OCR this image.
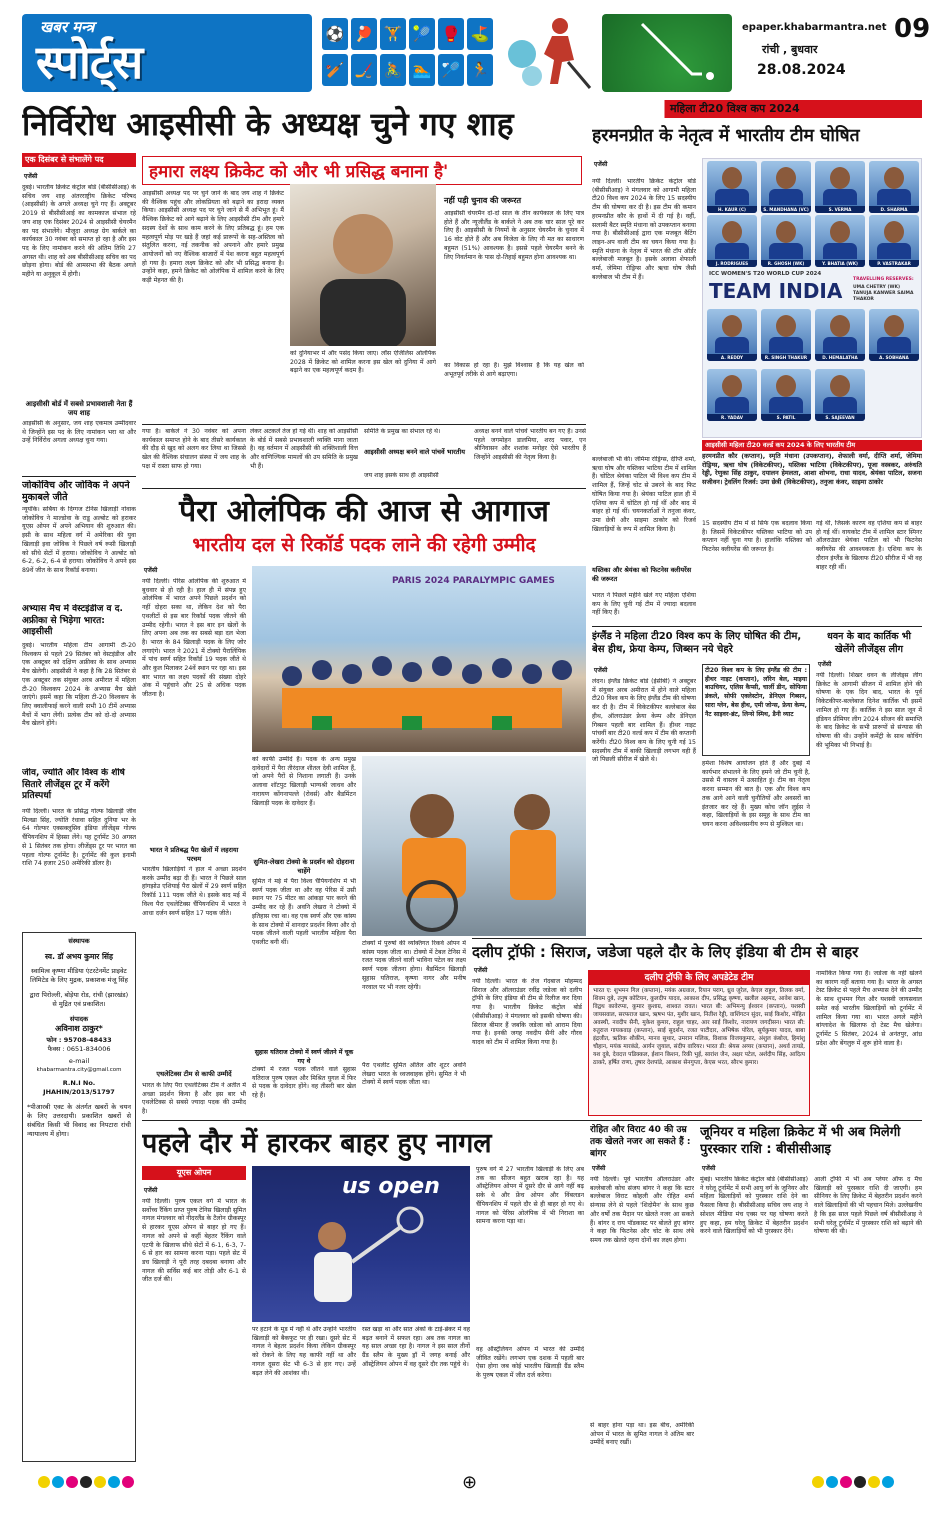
खबर मन्त्र
स्पोर्ट्स
⚽ 🏓 🏋 🎾 🥊 ⛳
🏏 🏒 🚴 🏊 🏸 🏃
epaper.khabarmantra.net
रांची , बुधवार
28.08.2024
09
निर्विरोध आइसीसी के अध्यक्ष चुने गए शाह
एक दिसंबर से संभालेंगे पद
एजेंसी
दुबई। भारतीय क्रिकेट कंट्रोल बोर्ड (बीसीसीआइ) के सचिव जय शाह अंतरराष्ट्रीय क्रिकेट परिषद (आइसीसी) के अगले अध्यक्ष चुने गए हैं। अक्टूबर 2019 से बीसीसीआई का कामकाज संभाल रहे जय शाह एक दिसंबर 2024 से आइसीसी चेयरमैन का पद संभालेंगे। मौजूदा अध्यक्ष ग्रेग बार्कले का कार्यकाल 30 नवंबर को समाप्त हो रहा है और इस पद के लिए नामांकन करने की अंतिम तिथि 27 अगस्त थी। शाह को अब बीसीसीआइ सचिव का पद छोड़ना होगा। बोर्ड की आमसभा की बैठक अगले महीने या अनुकूल में होगी।
आइसीसी बोर्ड में सबसे प्रभावशाली नेता हैं जय शाह
आइसीसी के अनुसार, जय शाह एकमात्र उम्मीदवार थे जिन्होंने इस पद के लिए नामांकन भरा था और उन्हें निर्विरोध अगला अध्यक्ष चुना गया।
हमारा लक्ष्य क्रिकेट को और भी प्रसिद्ध बनाना है'
आइसीसी अध्यक्ष पद पर चुने जाने के बाद जय शाह ने क्रिकेट की वैश्विक पहुंच और लोकप्रियता को बढ़ाने का इरादा व्यक्त किया। आइसीसी अध्यक्ष पद पर चुने जाने से मैं अभिभूत हूं। मैं वैश्विक क्रिकेट को आगे बढ़ाने के लिए आइसीसी टीम और हमारे सदस्य देशों के साथ काम करने के लिए प्रतिबद्ध हूं। हम एक महत्वपूर्ण मोड़ पर खड़े हैं जहां कई प्रारूपों के सह-अस्तित्व को संतुलित करना, नई तकनीक को अपनाने और हमारे प्रमुख आयोजनों को नए वैश्विक बाजारों में पेश करना बहुत महत्वपूर्ण हो गया है। हमारा लक्ष्य क्रिकेट को और भी प्रसिद्ध बनाना है। उन्होंने कहा, हमने क्रिकेट को ओलंपिक में शामिल करने के लिए कड़ी मेहनत की है।
को दुनियाभर में और पसंद किया जाए। लॉस एंजिलिस ओलंपिक 2028 में क्रिकेट को शामिल करना इस खेल को दुनिया में आगे बढ़ाने का एक महत्वपूर्ण कदम है।
नहीं पड़ी चुनाव की जरूरत
आइसीसी चेयरमैन दो-दो साल के तीन कार्यकाल के लिए पात्र होते हैं और न्यूजीलैंड के बार्कले ने अब तक चार साल पूरे कर लिए हैं। आइसीसी के नियमों के अनुसार चेयरमैन के चुनाव में 16 वोट होते हैं और अब विजेता के लिए नौ मत का साधारण बहुमत (51%) आवश्यक है। इससे पहले चेयरमैन बनने के लिए निवर्तमान के पास दो-तिहाई बहुमत होना आवश्यक था।
का विकास हो रहा है। मुझे विश्वास है कि यह खेल को अभूतपूर्व तरीके से आगे बढ़ाएगा।
गया है। बार्कले ने 30 नवंबर को अपना कार्यकाल समाप्त होने के बाद तीसरे कार्यकाल की दौड़ से खुद को अलग कर लिया था जिससे खेल की वैश्विक संचालन संस्था में जय शाह के पक्ष में रास्ता साफ हो गया।
लेकर अटकलें तेज हो गई थीं। शाह को आइसीसी के बोर्ड में सबसे प्रभावशाली व्यक्ति माना जाता है। वह वर्तमान में आइसीसी की शक्तिशाली वित्त और वाणिज्यिक मामलों की उप समिति के प्रमुख भी हैं।
समिति के प्रमुख का संभाल रहे थे।
आइसीसी अध्यक्ष बनने वाले पांचवें भारतीय
जय शाह इसके साथ ही आइसीसी
अध्यक्ष बनने वाले पांचवें भारतीय बन गए हैं। उनसे पहले जगमोहन डालमिया, शरद पवार, एन श्रीनिवासन और शशांक मनोहर ऐसे भारतीय हैं जिन्होंने आइसीसी की नेतृत्व किया है।
महिला टी20 विश्व कप 2024
हरमनप्रीत के नेतृत्व में भारतीय टीम घोषित
एजेंसी
नयी दिल्ली। भारतीय क्रिकेट कंट्रोल बोर्ड (बीसीसीआइ) ने मंगलवार को आगामी महिला टी20 विश्व कप 2024 के लिए 15 सदस्यीय टीम की घोषणा कर दी है। इस टीम की कमान हरमनप्रीत कौर के हाथों में दी गई है। वहीं, सलामी बैटर स्मृति मंधाना को उपकप्तान बनाया गया है। बीसीसीआई द्वारा एक मजबूत बैटिंग लाइन-अप वाली टीम का चयन किया गया है। स्मृति मंधाना के नेतृत्व में भारत की टॉप ऑर्डर बल्लेबाजी मजबूत है। इसके अलावा शेफाली वर्मा, जेमिमा रोड्रिग्स और ऋचा घोष जैसी बल्लेबाज भी टीम में हैं।
बल्लेबाजी भी की। जेमिमा रोड्रिग्स, दीप्ति शर्मा, ऋचा घोष और यस्तिका भाटिया टीम में शामिल हैं। चोटिल श्रेयंका पाटिल भी विश्व कप टीम में शामिल हैं, जिन्हें चोट से उबरने के बाद फिट घोषित किया गया है। श्रेयंका पाटिल हाल ही में एशिया कप में चोटिल हो गई थीं और बाद में बाहर हो गई थीं। चयनकर्ताओं ने तनुजा कंवर, उमा छेत्री और साइमा ठाकोर को रिजर्व खिलाड़ियों के रूप में शामिल किया है।
यस्तिका और श्रेयंका को फिटनेस क्लीयरेंस की जरूरत
भारत ने पिछले महीने खेले गए महिला एशिया कप के लिए चुनी गई टीम में ज्यादा बदलाव नहीं किए हैं।
ICC WOMEN'S T20 WORLD CUP 2024
TEAM INDIA TRAVELLING RESERVES:
UMA CHETRY (WK) TANUJA KANWER SAIMA THAKOR
H. KAUR (C)	S. MANDHANA (VC)	S. VERMA	D. SHARMA
J. RODRIGUES	R. GHOSH (WK)	Y. BHATIA (WK)	P. VASTRAKAR
A. REDDY	R. SINGH THAKUR	D. HEMALATHA	A. SOBHANA
R. YADAV	S. PATIL	S. SAJEEVAN
आइसीसी महिला टी20 वर्ल्ड कप 2024 के लिए भारतीय टीम
हरमनप्रीत कौर (कप्तान), स्मृति मंधाना (उपकप्तान), शेफाली वर्मा, दीप्ति शर्मा, जेमिमा रोड्रिग्स, ऋचा घोष (विकेटकीपर), यस्तिका भाटिया (विकेटकीपर), पूजा वस्त्रकर, अरुंधति रेड्डी, रेणुका सिंह ठाकुर, दयालन हेमलता, आशा शोभना, राधा यादव, श्रेयंका पाटिल, सजना सजीवन। ट्रेवलिंग रिजर्व: उमा छेत्री (विकेटकीपर), तनुजा कंवर, साइमा ठाकोर
15 सदस्यीय टीम में से सिर्फ एक बदलाव किया है। जिसमें विकेटकीपर यस्तिका भाटिया को उप कप्तान नहीं चुना गया है। हालांकि यस्तिका को फिटनेस क्लीयरेंस की जरूरत है।
गई थी, जिसके कारण वह एशिया कप से बाहर हो गई थीं। वायकोट टीम में शामिल स्टार स्पिनर ऑलराउंडर श्रेयंका पाटिल को भी फिटनेस क्लीयरेंस की आवश्यकता है। एशिया कप के दौरान इंग्लैंड के खिलाफ टी20 सीरीज में भी वह बाहर रही थीं।
इंग्लैंड ने महिला टी20 विश्व कप के लिए घोषित की टीम, बेस हीथ, फ्रेया केम्प, जिब्सन नये चेहरे
एजेंसी
लंदन। इंग्लैंड क्रिकेट बोर्ड (ईसीबी) ने अक्टूबर में संयुक्त अरब अमीरात में होने वाले महिला टी20 विश्व कप के लिए इंग्लैंड टीम की घोषणा कर दी है। टीम में विकेटकीपर बल्लेबाज बेस हीथ, ऑलराउंडर फ्रेया केम्प और डेनिएल गिब्सन पहली बार शामिल हैं। हीथर नाइट पांचवीं बार टी20 वर्ल्ड कप में टीम की कप्तानी करेंगी। टी20 विश्व कप के लिए चुनी गई 15 सदस्यीय टीम में बाकी खिलाड़ी लगभग वही हैं जो पिछली सीरीज में खेले थे।
टी20 विश्व कप के लिए इंग्लैंड की टीम : हीथर नाइट (कप्तान), लॉरेन बेल, माइया बाउचियर, एलिस कैप्सी, चार्ली डीन, सोफिया डंकले, सोफी एक्लेस्टोन, डेनिएल गिब्सन, सारा ग्लेन, बेस हीथ, एमी जोन्स, फ्रेया केम्प, नैट साइवर-ब्रंट, लिन्से स्मिथ, डैनी व्याट
हमेशा विशेष आयोजन होते हैं और दुबई में कार्यभार संभालने के लिए हमने जो टीम चुनी है, उससे मैं वास्तव में उत्साहित हूं। टीम का नेतृत्व करना सम्मान की बात है। एक और विश्व कप तक आगे आने वाली चुनौतियों और अवसरों का इंतजार कर रहे हैं। मुख्य कोच जॉन लुईस ने कहा, खिलाड़ियों के इस समूह के साथ टीम का चयन करना अविश्वसनीय रूप से मुश्किल था।
धवन के बाद कार्तिक भी खेलेंगे लीजेंड्स लीग
एजेंसी
नयी दिल्ली। शिखर धवन के लीजेंड्स लीग क्रिकेट के आगामी सीजन में शामिल होने की घोषणा के एक दिन बाद, भारत के पूर्व विकेटकीपर-बल्लेबाज दिनेश कार्तिक भी इसमें शामिल हो गए हैं। कार्तिक ने इस साल जून में इंडियन प्रीमियर लीग 2024 सीजन की समाप्ति के बाद क्रिकेट के सभी प्रारूपों से संन्यास की घोषणा की थी। उन्होंने कमेंट्री के साथ कोचिंग की भूमिका भी निभाई है।
जोकोविच और जोविक ने अपने मुकाबले जीते
न्यूयॉर्क। सर्बिया के दिग्गज टेनिस खिलाड़ी नोवाक जोकोविच ने माल्डोवा के राडू अल्बोट को हराकर यूएस ओपन में अपने अभियान की शुरुआत की। इसी के साथ महिला वर्ग में अमेरिका की युवा खिलाड़ी इवा जोविक ने पिछले वर्ष रूसी खिलाड़ी को सीधे सेटों में हराया। जोकोविच ने अल्बोट को 6-2, 6-2, 6-4 से हराया। जोकोविच ने अपने इस 89वें जीत के साथ रिकॉर्ड बनाया।
अभ्यास मैच में वेस्टइंडीज व द. अफ्रीका से भिड़ेगा भारत: आइसीसी
दुबई। भारतीय महिला टीम आगामी टी-20 विश्वकप से पहले 29 सितंबर को वेस्टइंडीज और एक अक्टूबर को दक्षिण अफ्रीका के साथ अभ्यास मैच खेलेगी। आइसीसी ने कहा है कि 28 सितंबर से एक अक्टूबर तक संयुक्त अरब अमीरात में महिला टी-20 विश्वकप 2024 के अभ्यास मैच खेले जाएंगे। इसमें कहा कि महिला टी-20 विश्वकप के लिए क्वालीफाई करने वाली सभी 10 टीमें अभ्यास मैचों में भाग लेंगी। प्रत्येक टीम को दो-दो अभ्यास मैच खेलने होंगे।
जीव, ज्योति और विश्व के शीर्ष सितारे लीजेंड्स टूर में करेंगे प्रतिस्पर्धा
नयी दिल्ली। भारत के प्रसिद्ध गोल्फ खिलाड़ी जीव मिल्खा सिंह, ज्योति रंधावा सहित दुनिया भर के 64 गोल्फर एक्सक्लूसिव इंडिया लीजेंड्स गोल्फ चैंपियनशिप में हिस्सा लेंगे। यह टूर्नामेंट 30 अगस्त से 1 सितंबर तक होगा। लीजेंड्स टूर पर भारत का पहला गोल्फ टूर्नामेंट है। टूर्नामेंट की कुल इनामी राशि 74 हजार 250 अमेरिकी डॉलर है।
संस्थापक
स्व. डॉ अभय कुमार सिंह
स्वामित्व कृष्णा मीडिया एंटरटेनमेंट प्राइवेट लिमिटेड के लिए मुद्रक, प्रकाशक मंजू सिंह
द्वारा पिरोल्ली, बोड़ेया रोड, रांची (झारखंड) से मुद्रित एवं प्रकाशित।
संपादक
अविनाश ठाकुर*
फोन : 95708-48433
फैक्स : 0651-834006
e-mail
khabarmantra.city@gmail.com
R.N.I No. JHAHIN/2013/51797
*पीआरबी एक्ट के अंतर्गत खबरों के चयन के लिए उत्तरदायी। प्रकाशित खबरों से संबंधित किसी भी विवाद का निपटारा रांची न्यायालय में होगा।
पैरा ओलंपिक की आज से आगाज
भारतीय दल से रिकॉर्ड पदक लाने की रहेगी उम्मीद
एजेंसी
नयी दिल्ली। पेरिस ओलंपिक की शुरुआत में बुधवार से हो रही है। हाल ही में संपन्न हुए ओलंपिक में भारत अपने पिछले प्रदर्शन को नहीं दोहरा सका था, लेकिन देश को पैरा एथलीटों से इस बार रिकॉर्ड पदक जीतने की उम्मीद रहेगी। भारत ने इस बार इन खेलों के लिए अपना अब तक का सबसे बड़ा दल भेजा है। भारत के 84 खिलाड़ी पदक के लिए जोर लगाएंगे। भारत ने 2021 में टोक्यो पैरालिंपिक में पांच स्वर्ण सहित रिकॉर्ड 19 पदक जीते थे और कुल मिलाकर 24वें स्थान पर रहा था। इस बार भारत का लक्ष्य पदकों की संख्या दोहरे अंक में पहुंचाने और 25 से अधिक पदक जीतना है।
भारत ने प्रतिबद्ध पैरा खेलों में लहराया परचम
भारतीय खिलाड़ियों ने हाल में अच्छा प्रदर्शन करके उम्मीद बढ़ा दी हैं। भारत ने पिछले साल हांगझोउ एशियाई पैरा खेलों में 29 स्वर्ण सहित रिकॉर्ड 111 पदक जीते थे। इसके बाद मई में विश्व पैरा एथलेटिक्स चैंपियनशिप में भारत ने आधा दर्जन स्वर्ण सहित 17 पदक जीते।
एथलेटिक्स टीम से काफी उम्मीदें
भारत के लिए पैरा एथलेटिक्स टीम ने अतीत में अच्छा प्रदर्शन किया है और इस बार भी एथलेटिक्स से सबसे ज्यादा पदक की उम्मीद है।
PARIS 2024 PARALYMPIC GAMES
को काफी उम्मीदें हैं। पदक के अन्य प्रमुख दावेदारों में पैरा तीरंदाज शीतल देवी शामिल हैं, जो अपने पैरों से निशाना लगाती हैं। उनके अलावा शॉटपुट खिलाड़ी भाग्यश्री जाधव और नारायण कोंगनापल्ले (रोवर्स) और बैडमिंटन खिलाड़ी पदक के दावेदार हैं।
सुमित-लेखरा टोक्यो के प्रदर्शन को दोहराना चाहेंगे
सुमित ने मई में पैरा विश्व चैंपियनशिप में भी स्वर्ण पदक जीता था और वह पेरिस में उसी स्थान पर 75 मीटर का आंकड़ा पार करने की उम्मीद कर रहे हैं। अवनि लेखरा ने टोक्यो में इतिहास रचा था। वह एक स्वर्ण और एक कांस्य के साथ टोक्यो में शानदार प्रदर्शन किया और दो पदक जीतने वाली पहली भारतीय महिला पैरा एथलीट बनी थीं।
सुहास यतिराज टोक्यो में स्वर्ण जीतने में चूक गए थे
टोक्यो में रजत पदक जीतने वाले सुहास यतिराज पुरुष एकल और मिश्रित युगल में फिर से पदक के दावेदार होंगे। वह तीसरी बार खेल रहे हैं।
टोक्यों में पुरुषों की व्यक्तिगत रिकर्व ओपन में कांस्य पदक जीता था। टोक्यो में टेबल टेनिस में रजत पदक जीतने वाली भाविना पटेल का लक्ष्य स्वर्ण पदक जीतना होगा। बैडमिंटन खिलाड़ी सुहास यतिराज, कृष्णा नागर और मनीष नरवाल पर भी नजर रहेगी।
पैरा एथलीट सुमित अंतिल और शूटर अवनि लेखरा भारत के ध्वजवाहक होंगे। सुमित ने भी टोक्यो में स्वर्ण पदक जीता था।
दलीप ट्रॉफी : सिराज, जडेजा पहले दौर के लिए इंडिया बी टीम से बाहर
एजेंसी
नयी दिल्ली। भारत के तेज गेंदबाज मोहम्मद सिराज और ऑलराउंडर रवींद्र जडेजा को दलीप ट्रॉफी के लिए इंडिया बी टीम से रिलीज कर दिया गया है। भारतीय क्रिकेट कंट्रोल बोर्ड (बीसीसीआइ) ने मंगलवार को इसकी घोषणा की। सिराज बीमार हैं जबकि जडेजा को आराम दिया गया है। इनकी जगह नवदीप सैनी और गौरव यादव को टीम में शामिल किया गया है।
दलीप ट्रॉफी के लिए अपडेटेड टीम
भारत ए: शुभमन गिल (कप्तान), मयंक अग्रवाल, रियान पराग, ध्रुव जुरेल, केएल राहुल, तिलक वर्मा, शिवम दुबे, तनुष कोटियन, कुलदीप यादव, आकाश दीप, प्रसिद्ध कृष्णा, खलील अहमद, आवेश खान, विद्वथ कावेरप्पा, कुमार कुशाग्र, शाश्वत रावत। भारत बी: अभिमन्यु ईश्वरन (कप्तान), यशस्वी जायसवाल, सरफराज खान, ऋषभ पंत, मुशीर खान, नितीश रेड्डी, वाशिंगटन सुंदर, साई किशोर, मोहित अवस्थी, नवदीप सैनी, मुकेश कुमार, राहुल चाहर, आर साई किशोर, नारायण जगदीसन। भारत सी: रुतुराज गायकवाड़ (कप्तान), साई सुदर्शन, रजत पाटीदार, अभिषेक पोरेल, सूर्यकुमार यादव, बाबा इंद्रजीत, ऋतिक शौकीन, मानव सुथार, उमरान मलिक, विशाक विजयकुमार, अंशुल कंबोज, हिमांशु चौहान, मयंक मारकंडे, आर्यन जुयाल, संदीप वारियर। भारत डी: श्रेयस अय्यर (कप्तान), अथर्व तायडे, यश दुबे, देवदत्त पडिक्कल, ईशान किशन, रिकी भुई, सारांश जैन, अक्षर पटेल, अर्शदीप सिंह, आदित्य ठाकरे, हर्षित राणा, तुषार देशपांडे, आकाश सेनगुप्ता, केएस भरत, सौरभ कुमार।
नामांकित किया गया है। जडेजा के नहीं खेलने का कारण नहीं बताया गया है। भारत के अगस्त टेस्ट क्रिकेट से पहले मैच अभ्यास देने की उम्मीद के साथ शुभमन गिल और यशस्वी जायसवाल समेत कई भारतीय खिलाड़ियों को टूर्नामेंट में शामिल किया गया था। भारत अगले महीने बांग्लादेश के खिलाफ दो टेस्ट मैच खेलेगा। टूर्नामेंट 5 सितंबर, 2024 से अनंतपुर, आंध्र प्रदेश और बेंगलुरु में शुरू होने वाला है।
पहले दौर में हारकर बाहर हुए नागल
यूएस ओपन
एजेंसी
नयी दिल्ली। पुरुष एकल वर्ग में भारत के सर्वोच्च रैंकिंग प्राप्त पुरुष टेनिस खिलाड़ी सुमित नागल मंगलवार को नीदरलैंड के टैलोन ग्रीकस्पूर से हारकर यूएस ओपन से बाहर हो गए हैं। नागल को अपने से कहीं बेहतर रैंकिंग वाले एटपी के खिलाफ सीधे सेटों में 6-1, 6-3, 7-6 से हार का सामना करना पड़ा। पहले सेट में डच खिलाड़ी ने पूरी तरह दबदबा बनाया और नागल की सर्विस कई बार तोड़ी और 6-1 से जीत दर्ज की।
us open
पर हटाने के मूड में नहीं थे और उन्होंने भारतीय खिलाड़ी को बैकफुट पर ही रखा। दूसरे सेट में नागल ने बेहतर प्रदर्शन किया लेकिन ग्रीकस्पूर को रोकने के लिए यह काफी नहीं था और नागल दूसरा सेट भी 6-3 से हार गए। उन्हें बढ़त लेने की आशंका थी।
रस्त खड़ा था और सात अंकों के टाई-ब्रेकर में वह बढ़त बनाने में सफल रहा। अब तक नागल का यह साल अच्छा रहा है। नागल ने इस साल तीनों ग्रैंड स्लैम के मुख्य ड्रॉ में जगह बनाई और ऑस्ट्रेलियन ओपन में वह दूसरे दौर तक पहुंचे थे।
पुरुष वर्ग में 27 भारतीय खिलाड़ी के लिए अब तक का सीजन बहुत खराब रहा है। यह ऑस्ट्रेलियन ओपन में दूसरे दौर से आगे नहीं बढ़ सके थे और फ्रेंच ओपन और विंबलडन चैंपियनशिप में पहले दौर से ही बाहर हो गए थे। नागल को पेरिस ओलंपिक में भी निराशा का सामना करना पड़ा था।
वह ऑस्ट्रेलियन ओपन में भारत की उम्मीदें जीवित रखेंगे। लगभग एक दशक में पहली बार ऐसा होगा जब कोई भारतीय खिलाड़ी ग्रैंड स्लैम के पुरुष एकल में जीत दर्ज करेगा।
रोहित और विराट 40 की उम्र तक खेलते नजर आ सकते हैं : बांगर
एजेंसी
नयी दिल्ली। पूर्व भारतीय ऑलराउंडर और बल्लेबाजी कोच संजय बांगर ने कहा कि स्टार बल्लेबाज विराट कोहली और रोहित शर्मा संन्यास लेने से पहले 'शिदोमैन' के साथ कुछ और वर्षों तक मैदान पर खेलते नजर आ सकते हैं। बांगर द राय पॉडकास्ट पर बोलते हुए बांगर ने कहा कि फिटनेस और चोट के साथ लंबे समय तक खेलते रहना दोनों का लक्ष्य होगा।
से बाहर होना पड़ा था। इस बीच, अमेरिकी ओपन में भारत के सुमित नागल ने अंतिम बार उम्मीदें बनाए रखीं।
जूनियर व महिला क्रिकेट में भी अब मिलेगी पुरस्कार राशि : बीसीसीआइ
एजेंसी
मुंबई। भारतीय क्रिकेट कंट्रोल बोर्ड (बीसीसीआइ) ने घरेलू टूर्नामेंट में सभी आयु वर्ग के जूनियर और महिला खिलाड़ियों को पुरस्कार राशि देने का फैसला किया है। बीसीसीआइ सचिव जय शाह ने सोशल मीडिया मंच एक्स पर यह घोषणा करते हुए कहा, हम घरेलू क्रिकेट में बेहतरीन प्रदर्शन करने वाले खिलाड़ियों को भी पुरस्कार देंगे।
आली ट्रॉफी में भी अब प्लेयर ऑफ द मैच खिलाड़ी को पुरस्कार राशि दी जाएगी। हम सीनियर के लिए क्रिकेट में बेहतरीन प्रदर्शन करने वाले खिलाड़ियों की भी पहचान मिले। उल्लेखनीय है कि इस साल पहले पिछले वर्ष बीसीसीआइ ने सभी घरेलू टूर्नामेंट में पुरस्कार राशि को बढ़ाने की घोषणा की थी।
⊕
